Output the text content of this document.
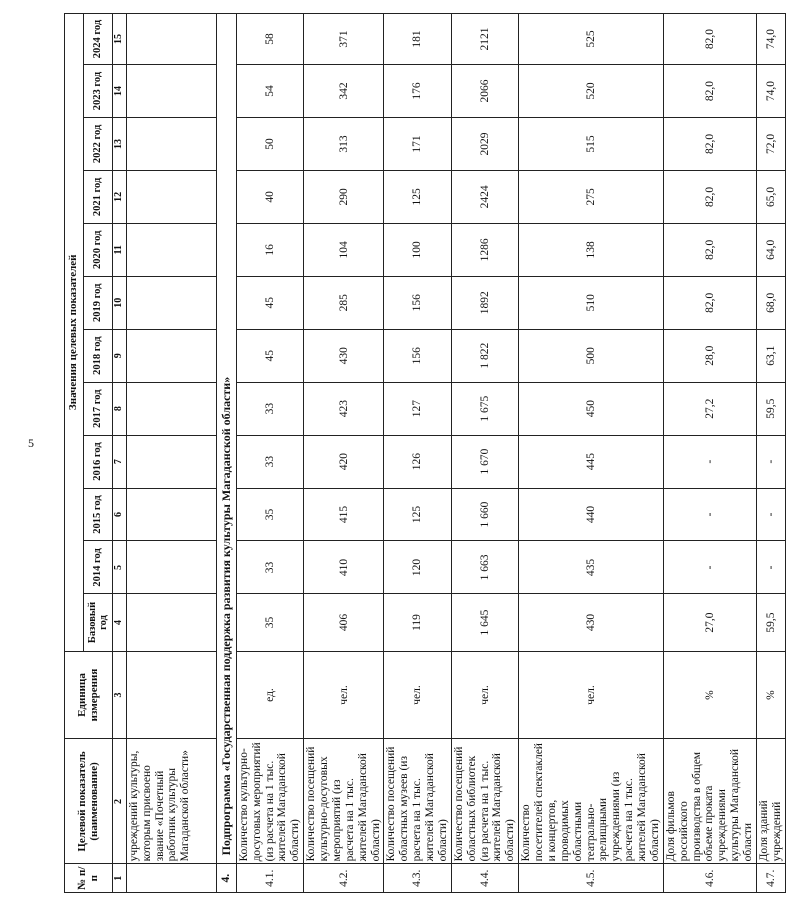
5
№ п/п	Целевой показатель (наименование)	Единица измерения	Значения целевых показателей											
			Базовый год	2014 год	2015 год	2016 год	2017 год	2018 год	2019 год	2020 год	2021 год	2022 год	2023 год	2024 год
1	2	3	4	5	6	7	8	9	10	11	12	13	14	15
	учреждений культуры, которым присвоено звание «Почетный работник культуры Магаданской области»													
4.	Подпрограмма «Государственная поддержка развития культуры Магаданской области»													
4.1.	Количество культурно-досуговых мероприятий (из расчета на 1 тыс. жителей Магаданской области)	ед.	35	33	35	33	33	45	45	16	40	50	54	58
4.2.	Количество посещений культурно-досуговых мероприятий (из расчета на 1 тыс. жителей Магаданской области)	чел.	406	410	415	420	423	430	285	104	290	313	342	371
4.3.	Количество посещений областных музеев (из расчета на 1 тыс. жителей Магаданской области)	чел.	119	120	125	126	127	156	156	100	125	171	176	181
4.4.	Количество посещений областных библиотек (из расчета на 1 тыс. жителей Магаданской области)	чел.	1 645	1 663	1 660	1 670	1 675	1 822	1892	1286	2424	2029	2066	2121
4.5.	Количество посетителей спектаклей и концертов, проводимых областными театрально-зрелищными учреждениями (из расчета на 1 тыс. жителей Магаданской области)	чел.	430	435	440	445	450	500	510	138	275	515	520	525
4.6.	Доля фильмов российского производства в общем объеме проката учреждениями культуры Магаданской области	%	27,0	-	-	-	27,2	28,0	82,0	82,0	82,0	82,0	82,0	82,0
4.7.	Доля зданий учреждений	%	59,5	-	-	-	59,5	63,1	68,0	64,0	65,0	72,0	74,0	74,0
